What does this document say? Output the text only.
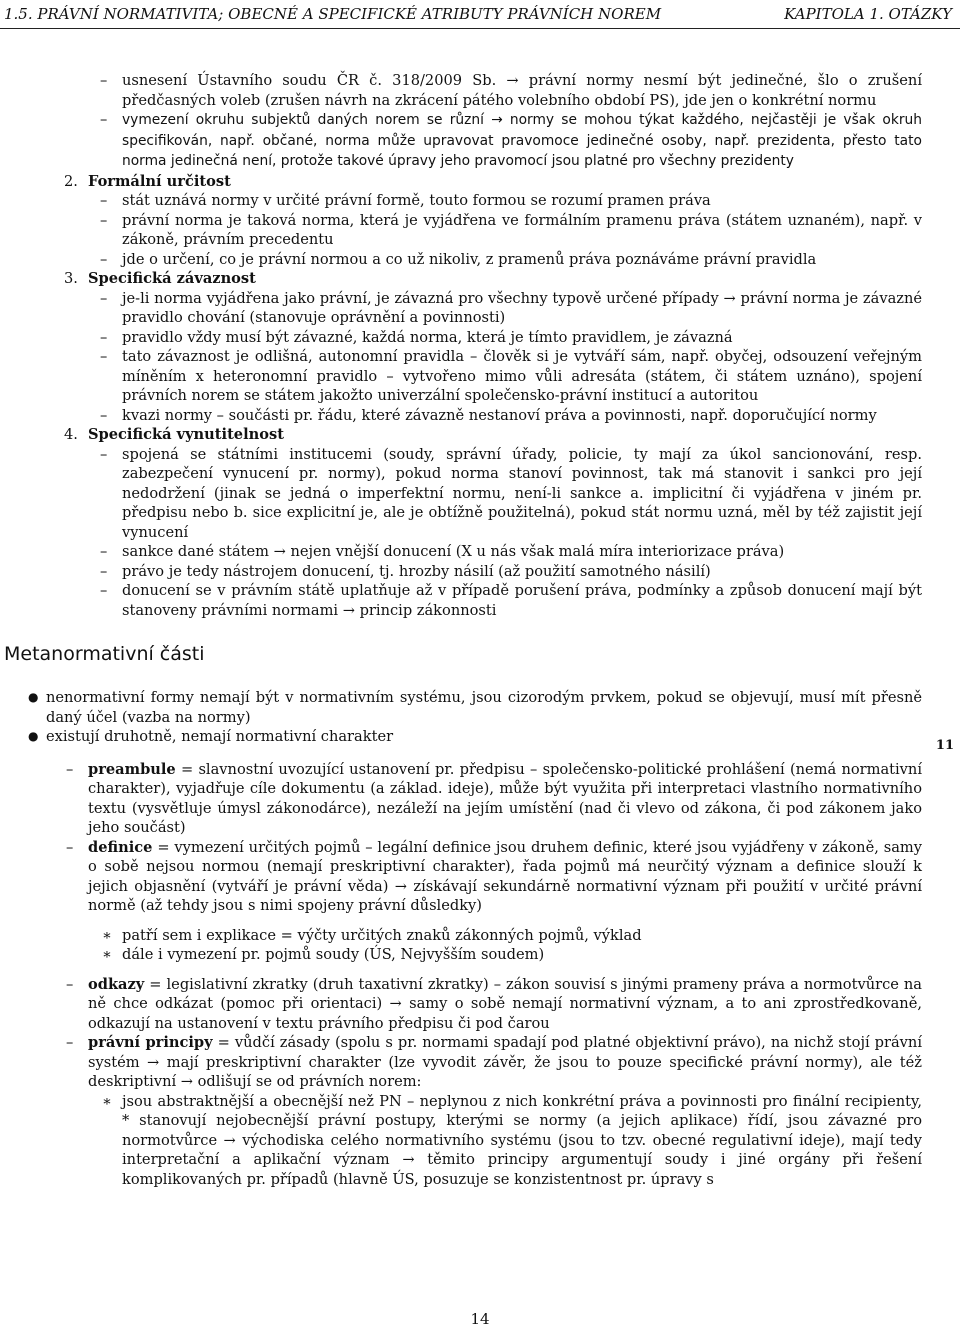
1.5. PRÁVNÍ NORMATIVITA; OBECNÉ A SPECIFICKÉ ATRIBUTY PRÁVNÍCH NOREM	KAPITOLA 1. OTÁZKY

– usnesení Ústavního soudu ČR č. 318/2009 Sb. → právní normy nesmí být jedinečné, šlo o zrušení předčasných voleb (zrušen návrh na zkrácení pátého volebního období PS), jde jen o konkrétní normu

– vymezení okruhu subjektů daných norem se různí → normy se mohou týkat každého, nejčastěji je však okruh specifikován, např. občané, norma může upravovat pravomoce jedinečné osoby, např. prezidenta, přesto tato norma jedinečná není, protože takové úpravy jeho pravomocí jsou platné pro všechny prezidenty

2. Formální určitost

– stát uznává normy v určité právní formě, touto formou se rozumí pramen práva

– právní norma je taková norma, která je vyjádřena ve formálním pramenu práva (státem uznaném), např. v zákoně, právním precedentu

– jde o určení, co je právní normou a co už nikoliv, z pramenů práva poznáváme právní pravidla

3. Specifická závaznost

– je-li norma vyjádřena jako právní, je závazná pro všechny typově určené případy → právní norma je závazné pravidlo chování (stanovuje oprávnění a povinnosti)

– pravidlo vždy musí být závazné, každá norma, která je tímto pravidlem, je závazná

– tato závaznost je odlišná, autonomní pravidla – člověk si je vytváří sám, např. obyčej, odsouzení veřejným míněním x heteronomní pravidlo – vytvořeno mimo vůli adresáta (státem, či státem uznáno), spojení právních norem se státem jakožto univerzální společensko-právní institucí a autoritou

– kvazi normy – součásti pr. řádu, které závazně nestanoví práva a povinnosti, např. doporučující normy

4. Specifická vynutitelnost

– spojená se státními institucemi (soudy, správní úřady, policie, ty mají za úkol sancionování, resp. zabezpečení vynucení pr. normy), pokud norma stanoví povinnost, tak má stanovit i sankci pro její nedodržení (jinak se jedná o imperfektní normu, není-li sankce a. implicitní či vyjádřena v jiném pr. předpisu nebo b. sice explicitní je, ale je obtížně použitelná), pokud stát normu uzná, měl by též zajistit její vynucení

– sankce dané státem → nejen vnější donucení (X u nás však malá míra interiorizace práva)

– právo je tedy nástrojem donucení, tj. hrozby násilí (až použití samotného násilí)

– donucení se v právním státě uplatňuje až v případě porušení práva, podmínky a způsob donucení mají být stanoveny právními normami → princip zákonnosti

Metanormativní části

● nenormativní formy nemají být v normativním systému, jsou cizorodým prvkem, pokud se objevují, musí mít přesně daný účel (vazba na normy)

● existují druhotně, nemají normativní charakter

– preambule = slavnostní uvozující ustanovení pr. předpisu – společensko-politické prohlášení (nemá normativní charakter), vyjadřuje cíle dokumentu (a základ. ideje), může být využita při interpretaci vlastního normativního textu (vysvětluje úmysl zákonodárce), nezáleží na jejím umístění (nad či vlevo od zákona, či pod zákonem jako jeho součást)

– definice = vymezení určitých pojmů – legální definice jsou druhem definic, které jsou vyjádřeny v zákoně, samy o sobě nejsou normou (nemají preskriptivní charakter), řada pojmů má neurčitý význam a definice slouží k jejich objasnění (vytváří je právní věda) → získávají sekundárně normativní význam při použití v určité právní normě (až tehdy jsou s nimi spojeny právní důsledky)

∗ patří sem i explikace = výčty určitých znaků zákonných pojmů, výklad

∗ dále i vymezení pr. pojmů soudy (ÚS, Nejvyšším soudem)

– odkazy = legislativní zkratky (druh taxativní zkratky) – zákon souvisí s jinými prameny práva a normotvůrce na ně chce odkázat (pomoc při orientaci) → samy o sobě nemají normativní význam, a to ani zprostředkovaně, odkazují na ustanovení v textu právního předpisu či pod čarou

– právní principy = vůdčí zásady (spolu s pr. normami spadají pod platné objektivní právo), na nichž stojí právní systém → mají preskriptivní charakter (lze vyvodit závěr, že jsou to pouze specifické právní normy), ale též deskriptivní → odlišují se od právních norem:

∗ jsou abstraktnější a obecnější než PN – neplynou z nich konkrétní práva a povinnosti pro finální recipienty, * stanovují nejobecnější právní postupy, kterými se normy (a jejich aplikace) řídí, jsou závazné pro normotvůrce → východiska celého normativního systému (jsou to tzv. obecné regulativní ideje), mají tedy interpretační a aplikační význam → těmito principy argumentují soudy i jiné orgány při řešení komplikovaných pr. případů (hlavně ÚS, posuzuje se konzistentnost pr. úpravy s

11
14
